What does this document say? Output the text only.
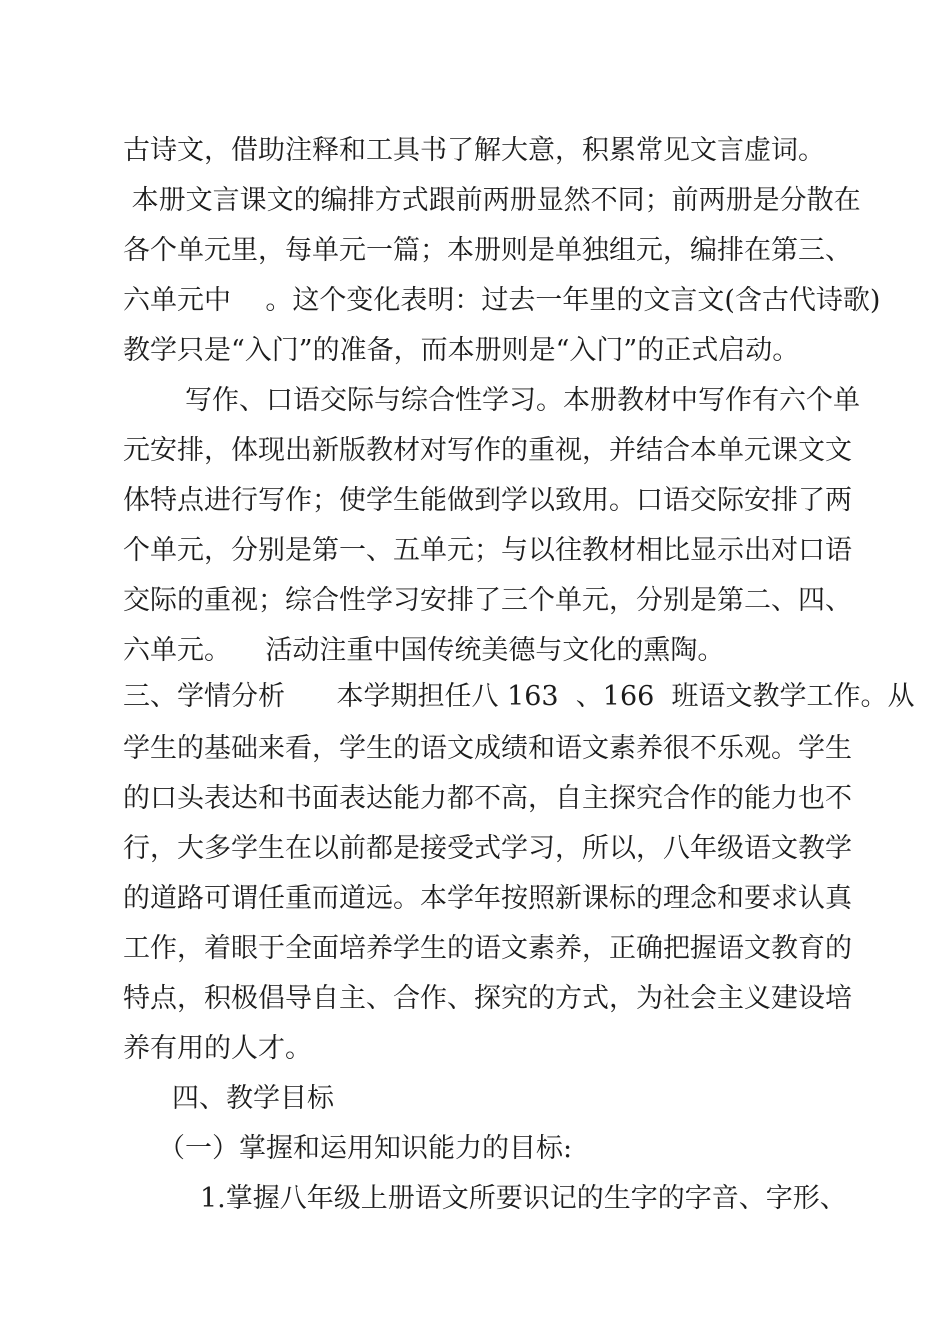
古诗文，借助注释和工具书了解大意，积累常见文言虚词。
本册文言课文的编排方式跟前两册显然不同；前两册是分散在
各个单元里，每单元一篇；本册则是单独组元，编排在第三、
六单元中    。这个变化表明：过去一年里的文言文(含古代诗歌)
教学只是“入门”的准备，而本册则是“入门”的正式启动。
写作、口语交际与综合性学习。本册教材中写作有六个单
元安排，体现出新版教材对写作的重视，并结合本单元课文文
体特点进行写作；使学生能做到学以致用。口语交际安排了两
个单元，分别是第一、五单元；与以往教材相比显示出对口语
交际的重视；综合性学习安排了三个单元，分别是第二、四、
六单元。    活动注重中国传统美德与文化的熏陶。
三、学情分析      本学期担任八 163  、166  班语文教学工作。从
学生的基础来看，学生的语文成绩和语文素养很不乐观。学生
的口头表达和书面表达能力都不高，自主探究合作的能力也不
行，大多学生在以前都是接受式学习，所以，八年级语文教学
的道路可谓任重而道远。本学年按照新课标的理念和要求认真
工作，着眼于全面培养学生的语文素养，正确把握语文教育的
特点，积极倡导自主、合作、探究的方式，为社会主义建设培
养有用的人才。
四、教学目标
（一）掌握和运用知识能力的目标:
1.掌握八年级上册语文所要识记的生字的字音、字形、
